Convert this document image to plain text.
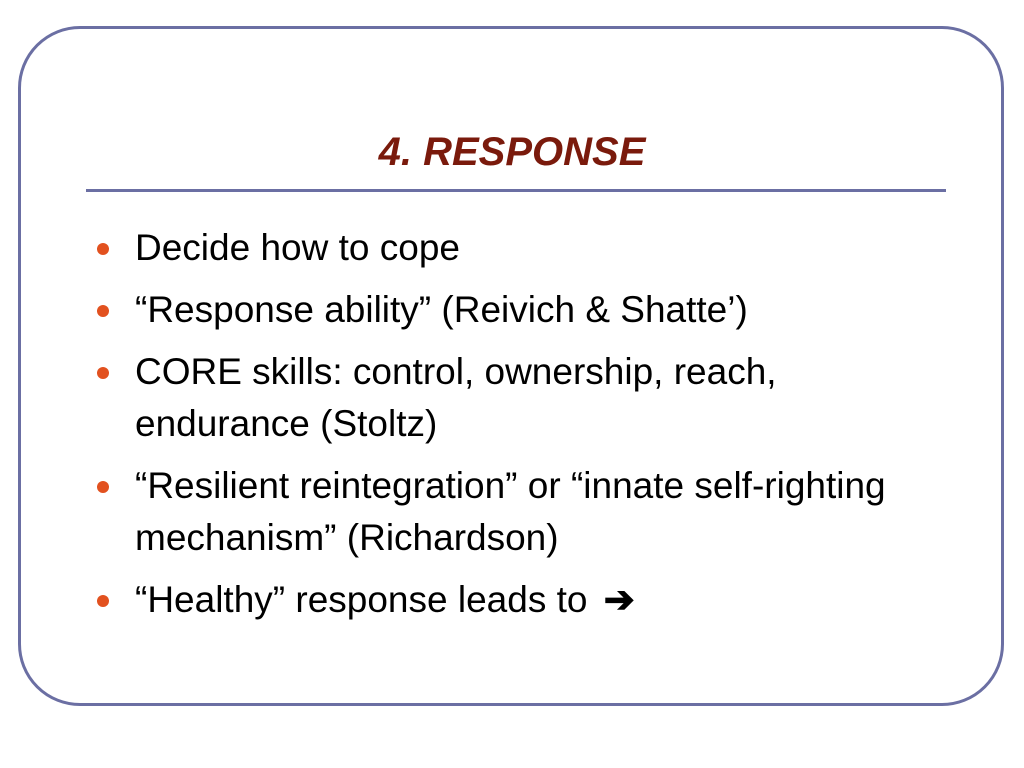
4. RESPONSE
Decide how to cope
“Response ability” (Reivich & Shatte’)
CORE skills: control, ownership, reach, endurance (Stoltz)
“Resilient reintegration” or “innate self-righting mechanism” (Richardson)
“Healthy” response leads to ➔
